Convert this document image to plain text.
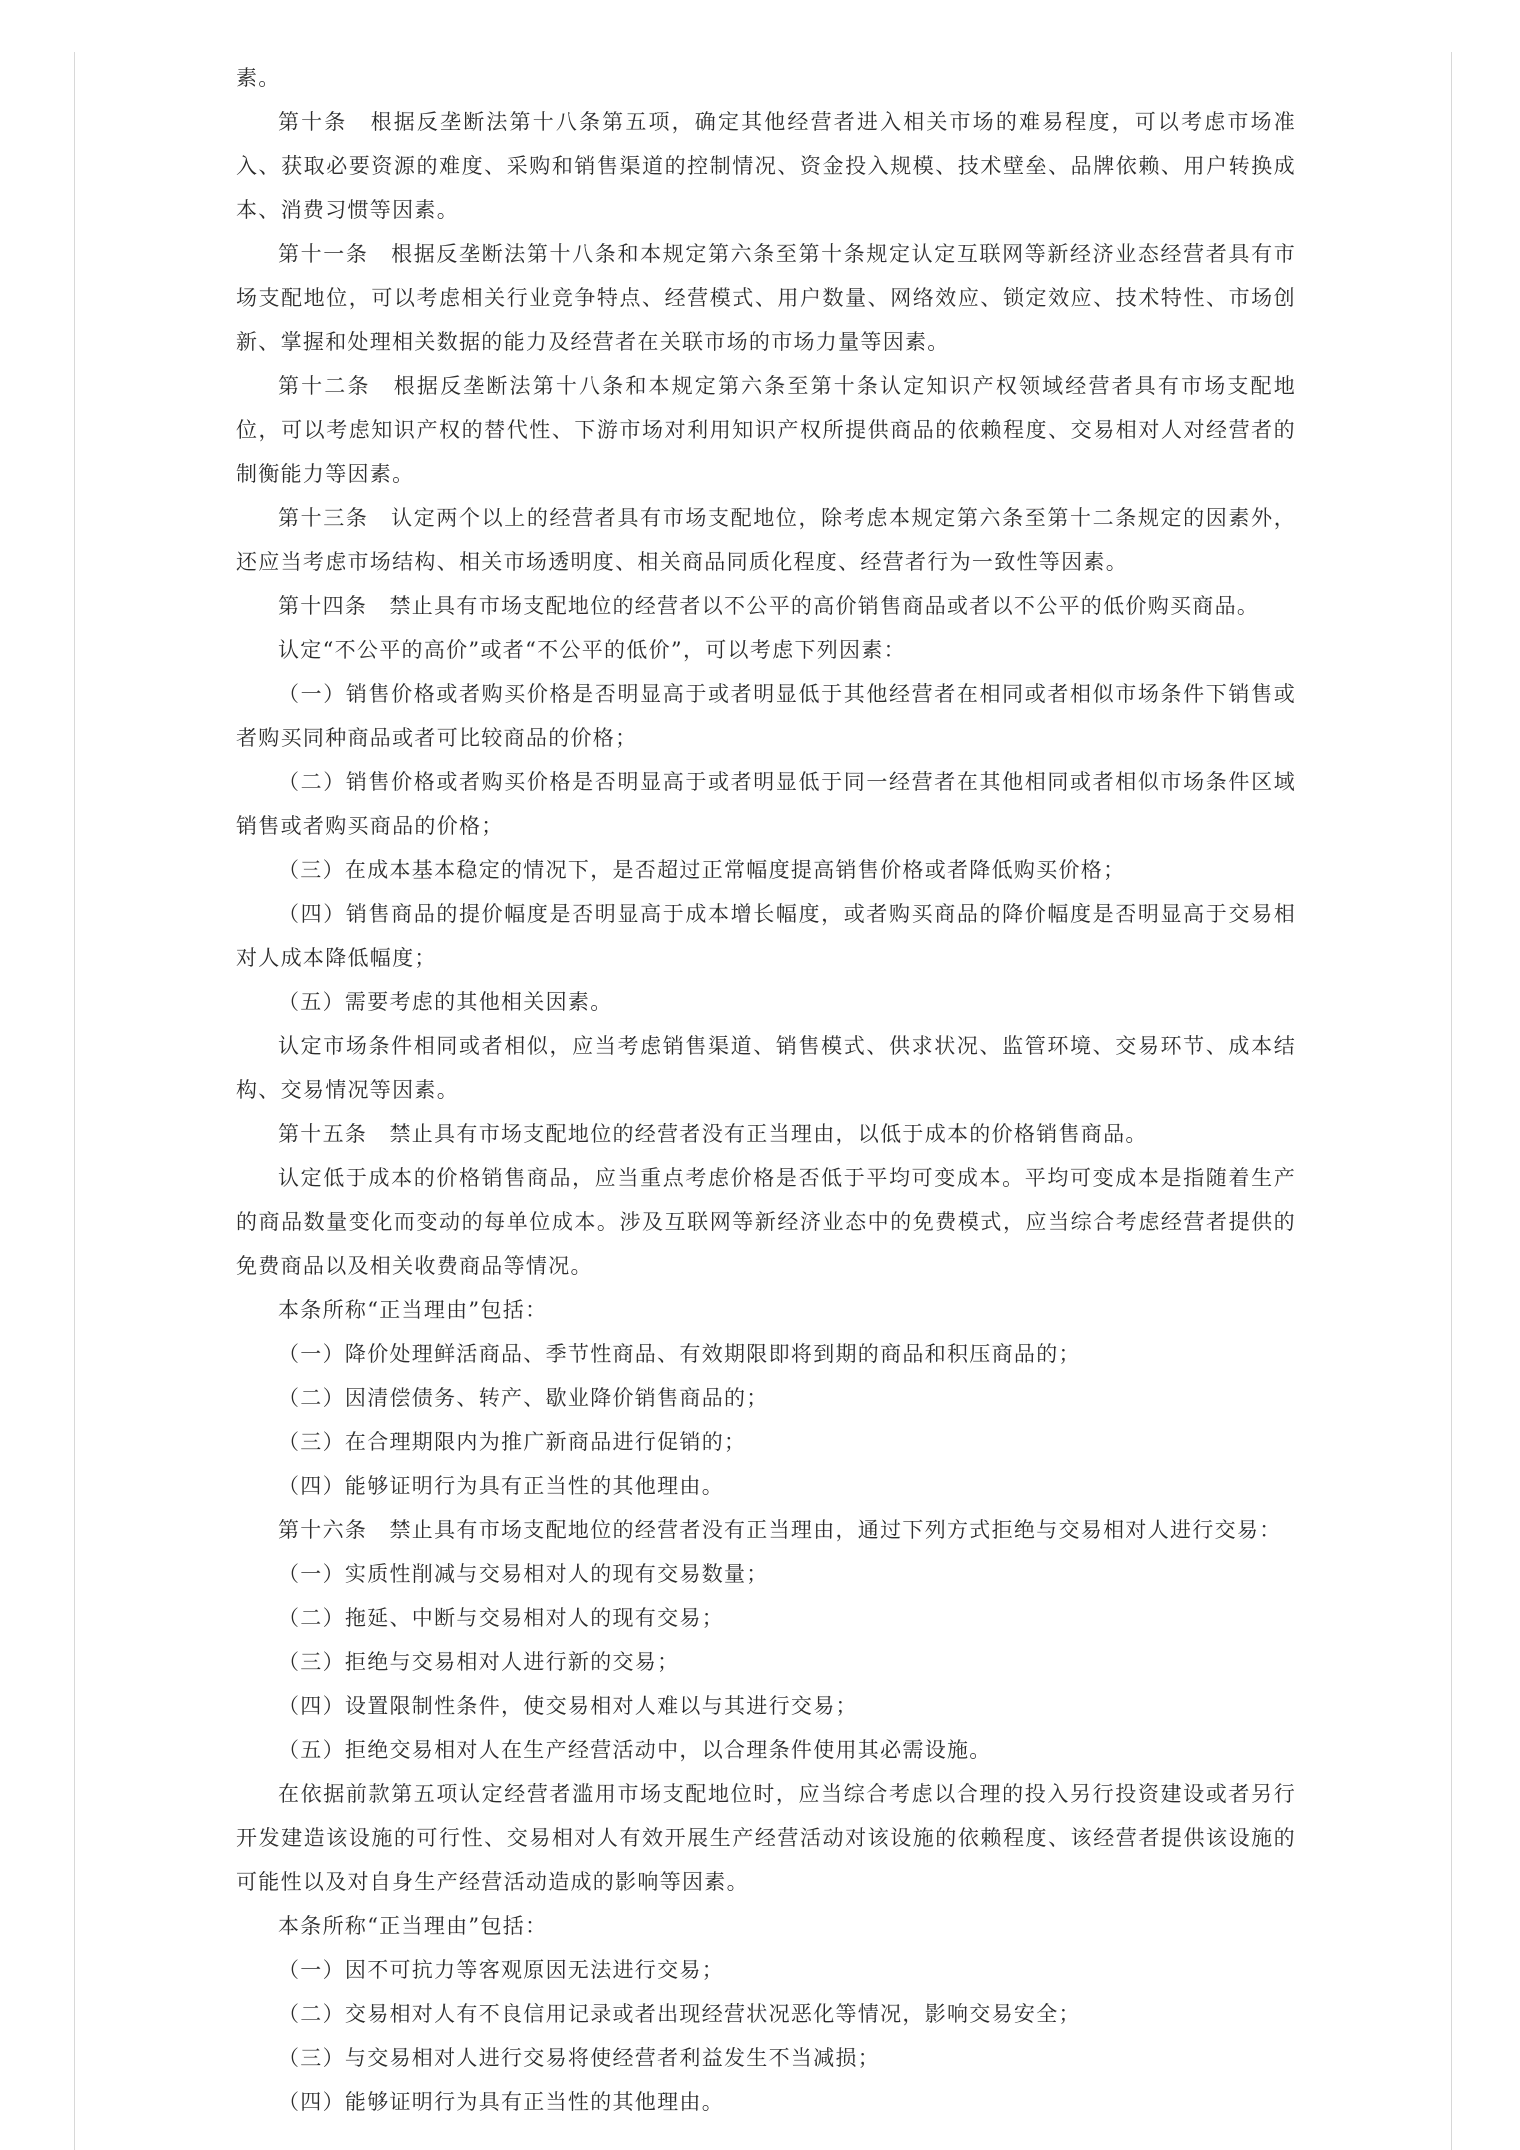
素。

第十条　根据反垄断法第十八条第五项，确定其他经营者进入相关市场的难易程度，可以考虑市场准入、获取必要资源的难度、采购和销售渠道的控制情况、资金投入规模、技术壁垒、品牌依赖、用户转换成本、消费习惯等因素。

第十一条　根据反垄断法第十八条和本规定第六条至第十条规定认定互联网等新经济业态经营者具有市场支配地位，可以考虑相关行业竞争特点、经营模式、用户数量、网络效应、锁定效应、技术特性、市场创新、掌握和处理相关数据的能力及经营者在关联市场的市场力量等因素。

第十二条　根据反垄断法第十八条和本规定第六条至第十条认定知识产权领域经营者具有市场支配地位，可以考虑知识产权的替代性、下游市场对利用知识产权所提供商品的依赖程度、交易相对人对经营者的制衡能力等因素。

第十三条　认定两个以上的经营者具有市场支配地位，除考虑本规定第六条至第十二条规定的因素外，还应当考虑市场结构、相关市场透明度、相关商品同质化程度、经营者行为一致性等因素。

第十四条　禁止具有市场支配地位的经营者以不公平的高价销售商品或者以不公平的低价购买商品。

认定“不公平的高价”或者“不公平的低价”，可以考虑下列因素：

（一）销售价格或者购买价格是否明显高于或者明显低于其他经营者在相同或者相似市场条件下销售或者购买同种商品或者可比较商品的价格；

（二）销售价格或者购买价格是否明显高于或者明显低于同一经营者在其他相同或者相似市场条件区域销售或者购买商品的价格；

（三）在成本基本稳定的情况下，是否超过正常幅度提高销售价格或者降低购买价格；

（四）销售商品的提价幅度是否明显高于成本增长幅度，或者购买商品的降价幅度是否明显高于交易相对人成本降低幅度；

（五）需要考虑的其他相关因素。

认定市场条件相同或者相似，应当考虑销售渠道、销售模式、供求状况、监管环境、交易环节、成本结构、交易情况等因素。

第十五条　禁止具有市场支配地位的经营者没有正当理由，以低于成本的价格销售商品。

认定低于成本的价格销售商品，应当重点考虑价格是否低于平均可变成本。平均可变成本是指随着生产的商品数量变化而变动的每单位成本。涉及互联网等新经济业态中的免费模式，应当综合考虑经营者提供的免费商品以及相关收费商品等情况。

本条所称“正当理由”包括：

（一）降价处理鲜活商品、季节性商品、有效期限即将到期的商品和积压商品的；

（二）因清偿债务、转产、歇业降价销售商品的；

（三）在合理期限内为推广新商品进行促销的；

（四）能够证明行为具有正当性的其他理由。

第十六条　禁止具有市场支配地位的经营者没有正当理由，通过下列方式拒绝与交易相对人进行交易：

（一）实质性削减与交易相对人的现有交易数量；

（二）拖延、中断与交易相对人的现有交易；

（三）拒绝与交易相对人进行新的交易；

（四）设置限制性条件，使交易相对人难以与其进行交易；

（五）拒绝交易相对人在生产经营活动中，以合理条件使用其必需设施。

在依据前款第五项认定经营者滥用市场支配地位时，应当综合考虑以合理的投入另行投资建设或者另行开发建造该设施的可行性、交易相对人有效开展生产经营活动对该设施的依赖程度、该经营者提供该设施的可能性以及对自身生产经营活动造成的影响等因素。

本条所称“正当理由”包括：

（一）因不可抗力等客观原因无法进行交易；

（二）交易相对人有不良信用记录或者出现经营状况恶化等情况，影响交易安全；

（三）与交易相对人进行交易将使经营者利益发生不当减损；

（四）能够证明行为具有正当性的其他理由。
